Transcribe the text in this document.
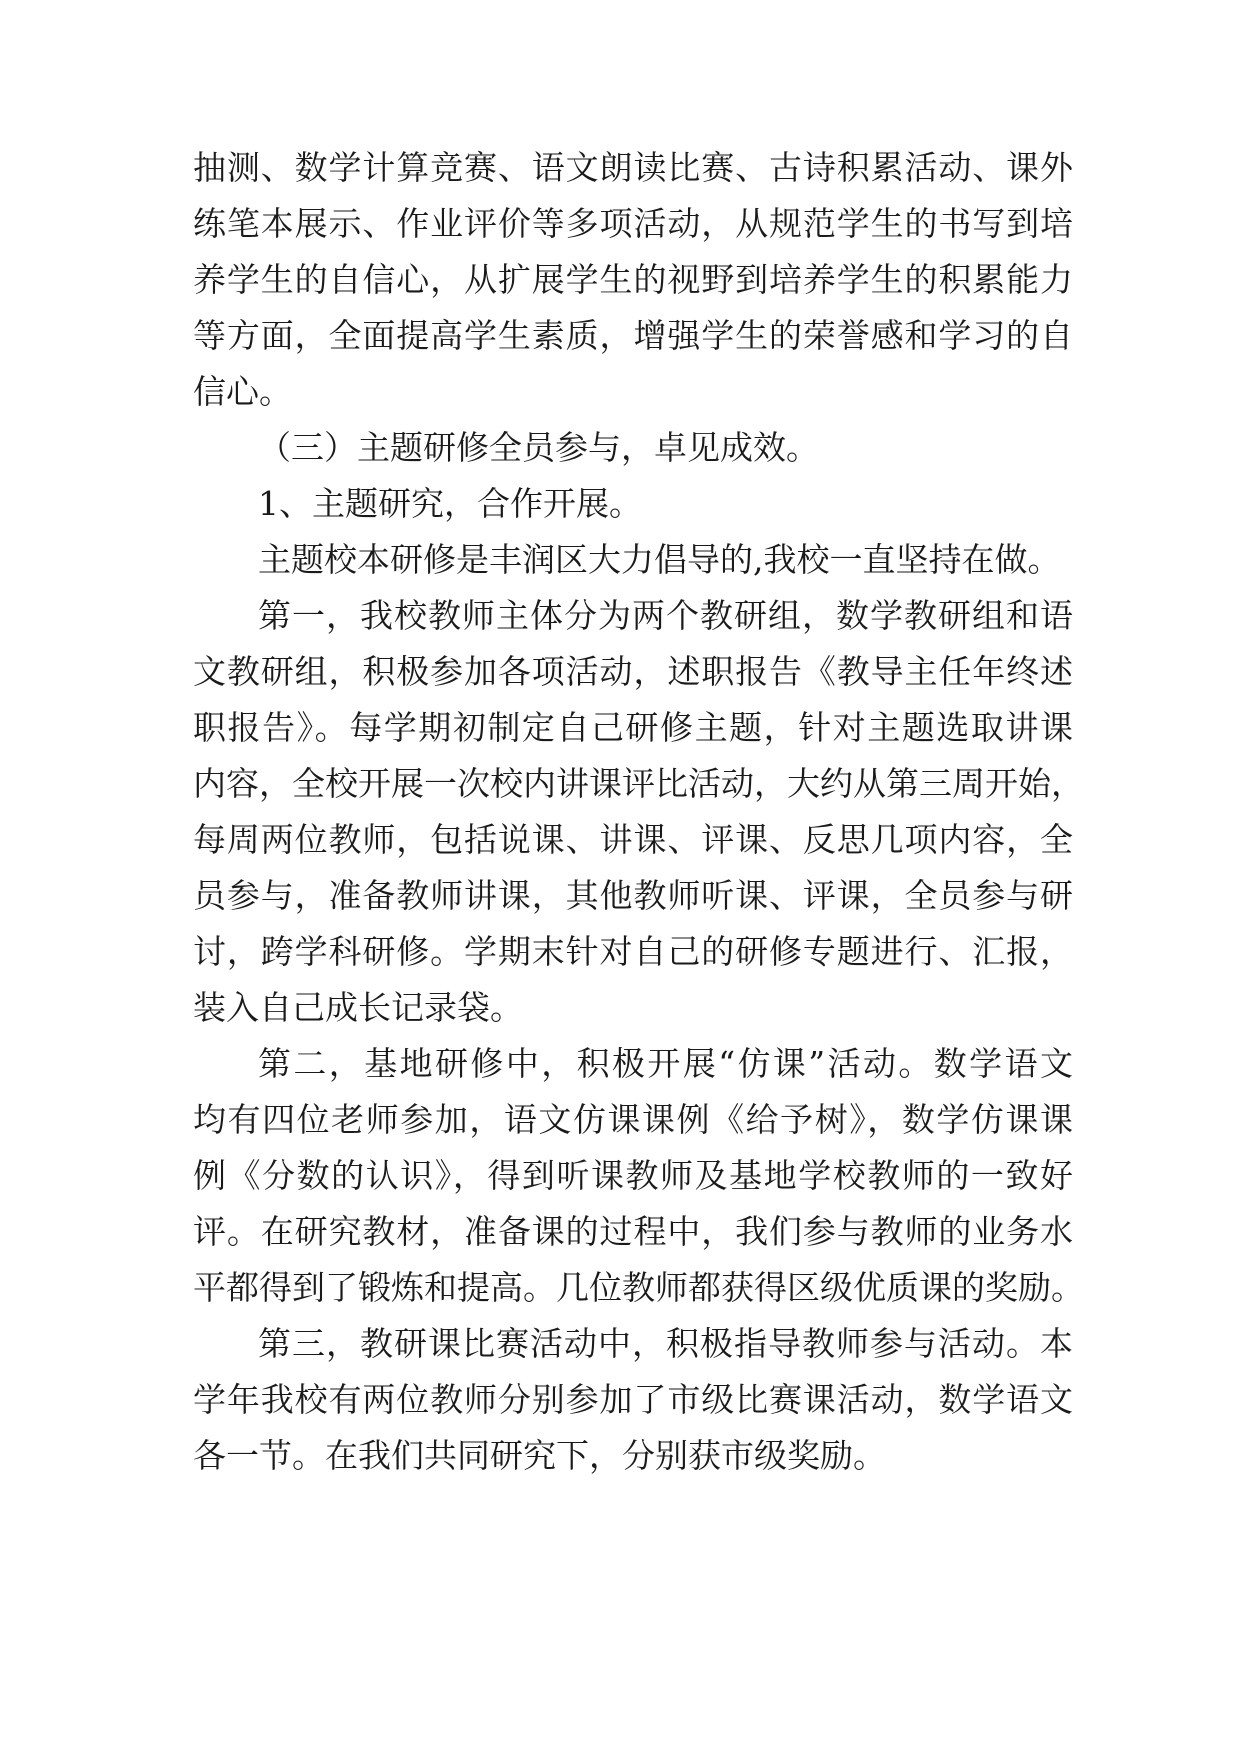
抽测、数学计算竞赛、语文朗读比赛、古诗积累活动、课外
练笔本展示、作业评价等多项活动，从规范学生的书写到培
养学生的自信心，从扩展学生的视野到培养学生的积累能力
等方面，全面提高学生素质，增强学生的荣誉感和学习的自
信心。
（三）主题研修全员参与，卓见成效。
1、主题研究，合作开展。
主题校本研修是丰润区大力倡导的,我校一直坚持在做。
第一，我校教师主体分为两个教研组，数学教研组和语
文教研组，积极参加各项活动，述职报告《教导主任年终述
职报告》。每学期初制定自己研修主题，针对主题选取讲课
内容，全校开展一次校内讲课评比活动，大约从第三周开始，
每周两位教师，包括说课、讲课、评课、反思几项内容，全
员参与，准备教师讲课，其他教师听课、评课，全员参与研
讨，跨学科研修。学期末针对自己的研修专题进行、汇报，
装入自己成长记录袋。
第二，基地研修中，积极开展“仿课”活动。数学语文
均有四位老师参加，语文仿课课例《给予树》，数学仿课课
例《分数的认识》，得到听课教师及基地学校教师的一致好
评。在研究教材，准备课的过程中，我们参与教师的业务水
平都得到了锻炼和提高。几位教师都获得区级优质课的奖励。
第三，教研课比赛活动中，积极指导教师参与活动。本
学年我校有两位教师分别参加了市级比赛课活动，数学语文
各一节。在我们共同研究下，分别获市级奖励。
